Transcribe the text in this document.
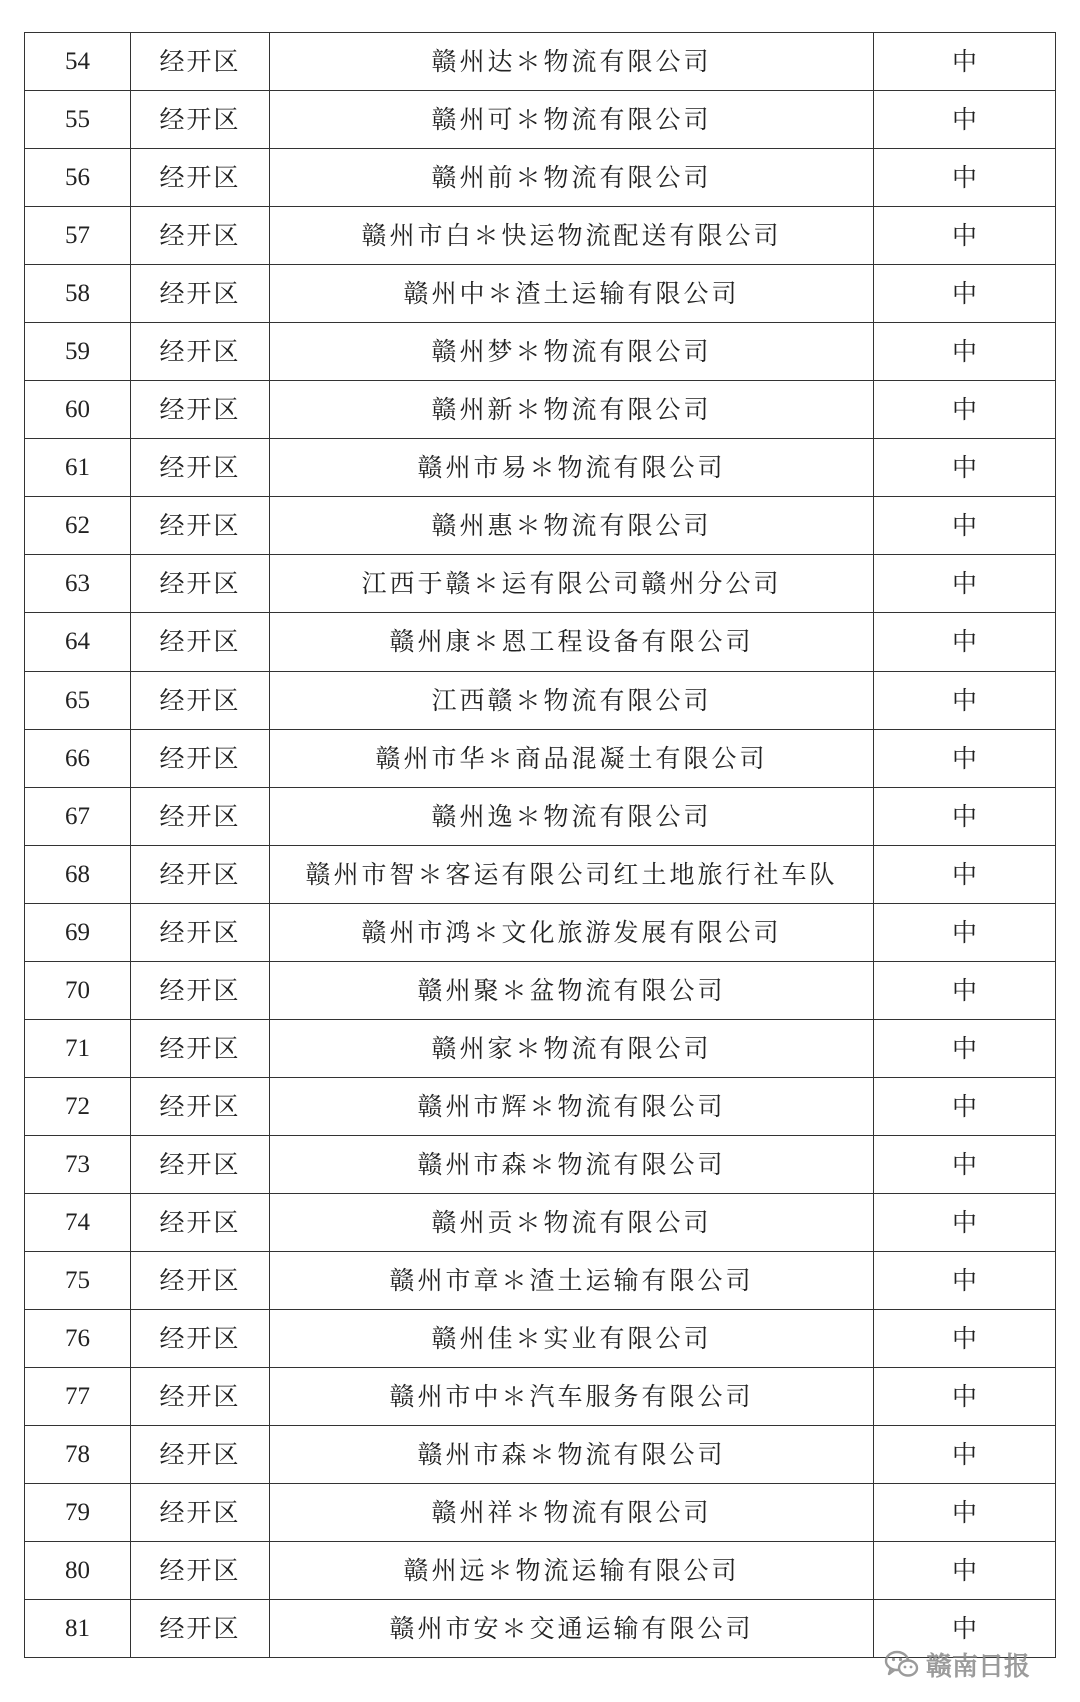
54	经开区	赣州达＊物流有限公司	中
55	经开区	赣州可＊物流有限公司	中
56	经开区	赣州前＊物流有限公司	中
57	经开区	赣州市白＊快运物流配送有限公司	中
58	经开区	赣州中＊渣土运输有限公司	中
59	经开区	赣州梦＊物流有限公司	中
60	经开区	赣州新＊物流有限公司	中
61	经开区	赣州市易＊物流有限公司	中
62	经开区	赣州惠＊物流有限公司	中
63	经开区	江西于赣＊运有限公司赣州分公司	中
64	经开区	赣州康＊恩工程设备有限公司	中
65	经开区	江西赣＊物流有限公司	中
66	经开区	赣州市华＊商品混凝土有限公司	中
67	经开区	赣州逸＊物流有限公司	中
68	经开区	赣州市智＊客运有限公司红土地旅行社车队	中
69	经开区	赣州市鸿＊文化旅游发展有限公司	中
70	经开区	赣州聚＊盆物流有限公司	中
71	经开区	赣州家＊物流有限公司	中
72	经开区	赣州市辉＊物流有限公司	中
73	经开区	赣州市森＊物流有限公司	中
74	经开区	赣州贡＊物流有限公司	中
75	经开区	赣州市章＊渣土运输有限公司	中
76	经开区	赣州佳＊实业有限公司	中
77	经开区	赣州市中＊汽车服务有限公司	中
78	经开区	赣州市森＊物流有限公司	中
79	经开区	赣州祥＊物流有限公司	中
80	经开区	赣州远＊物流运输有限公司	中
81	经开区	赣州市安＊交通运输有限公司	中
赣南日报
